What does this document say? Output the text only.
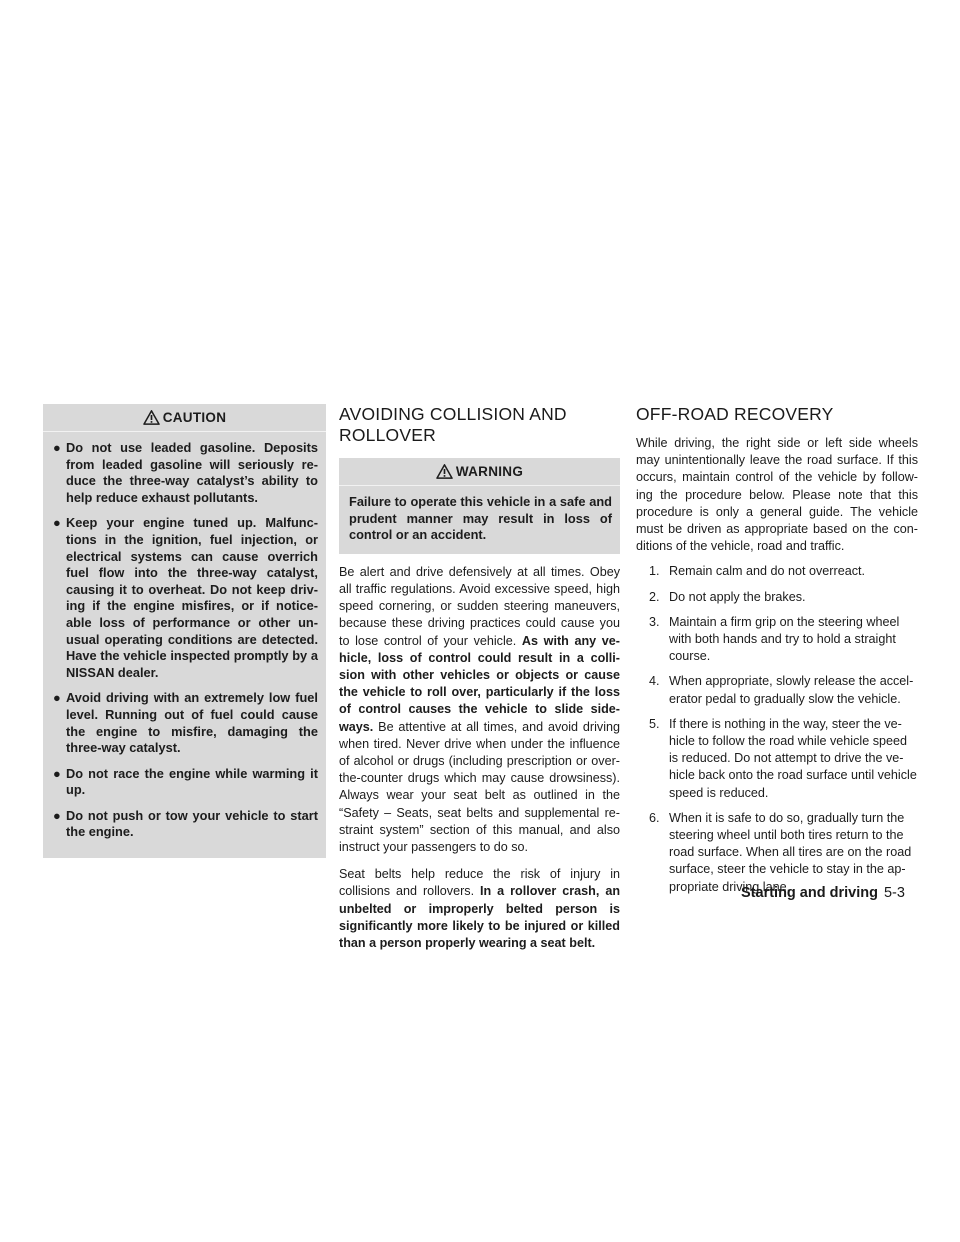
CAUTION
● Do not use leaded gasoline. Deposits from leaded gasoline will seriously re-duce the three-way catalyst’s ability to help reduce exhaust pollutants.
● Keep your engine tuned up. Malfunc-tions in the ignition, fuel injection, or electrical systems can cause overrich fuel flow into the three-way catalyst, causing it to overheat. Do not keep driv-ing if the engine misfires, or if notice-able loss of performance or other un-usual operating conditions are detected. Have the vehicle inspected promptly by a NISSAN dealer.
● Avoid driving with an extremely low fuel level. Running out of fuel could cause the engine to misfire, damaging the three-way catalyst.
● Do not race the engine while warming it up.
● Do not push or tow your vehicle to start the engine.
AVOIDING COLLISION AND ROLLOVER
WARNING

Failure to operate this vehicle in a safe and prudent manner may result in loss of control or an accident.

Be alert and drive defensively at all times. Obey all traffic regulations. Avoid excessive speed, high speed cornering, or sudden steering maneuvers, because these driving practices could cause you to lose control of your vehicle. As with any ve-hicle, loss of control could result in a colli-sion with other vehicles or objects or cause the vehicle to roll over, particularly if the loss of control causes the vehicle to slide side-ways. Be attentive at all times, and avoid driving when tired. Never drive when under the influence of alcohol or drugs (including prescription or over-the-counter drugs which may cause drowsiness). Always wear your seat belt as outlined in the “Safety – Seats, seat belts and supplemental re-straint system” section of this manual, and also instruct your passengers to do so.

Seat belts help reduce the risk of injury in collisions and rollovers. In a rollover crash, an unbelted or improperly belted person is significantly more likely to be injured or killed than a person properly wearing a seat belt.

OFF-ROAD RECOVERY

While driving, the right side or left side wheels may unintentionally leave the road surface. If this occurs, maintain control of the vehicle by follow-ing the procedure below. Please note that this procedure is only a general guide. The vehicle must be driven as appropriate based on the con-ditions of the vehicle, road and traffic.

1. Remain calm and do not overreact.
2. Do not apply the brakes.
3. Maintain a firm grip on the steering wheel with both hands and try to hold a straight course.
4. When appropriate, slowly release the accel-erator pedal to gradually slow the vehicle.
5. If there is nothing in the way, steer the ve-hicle to follow the road while vehicle speed is reduced. Do not attempt to drive the ve-hicle back onto the road surface until vehicle speed is reduced.
6. When it is safe to do so, gradually turn the steering wheel until both tires return to the road surface. When all tires are on the road surface, steer the vehicle to stay in the ap-propriate driving lane.
Starting and driving 5-3
